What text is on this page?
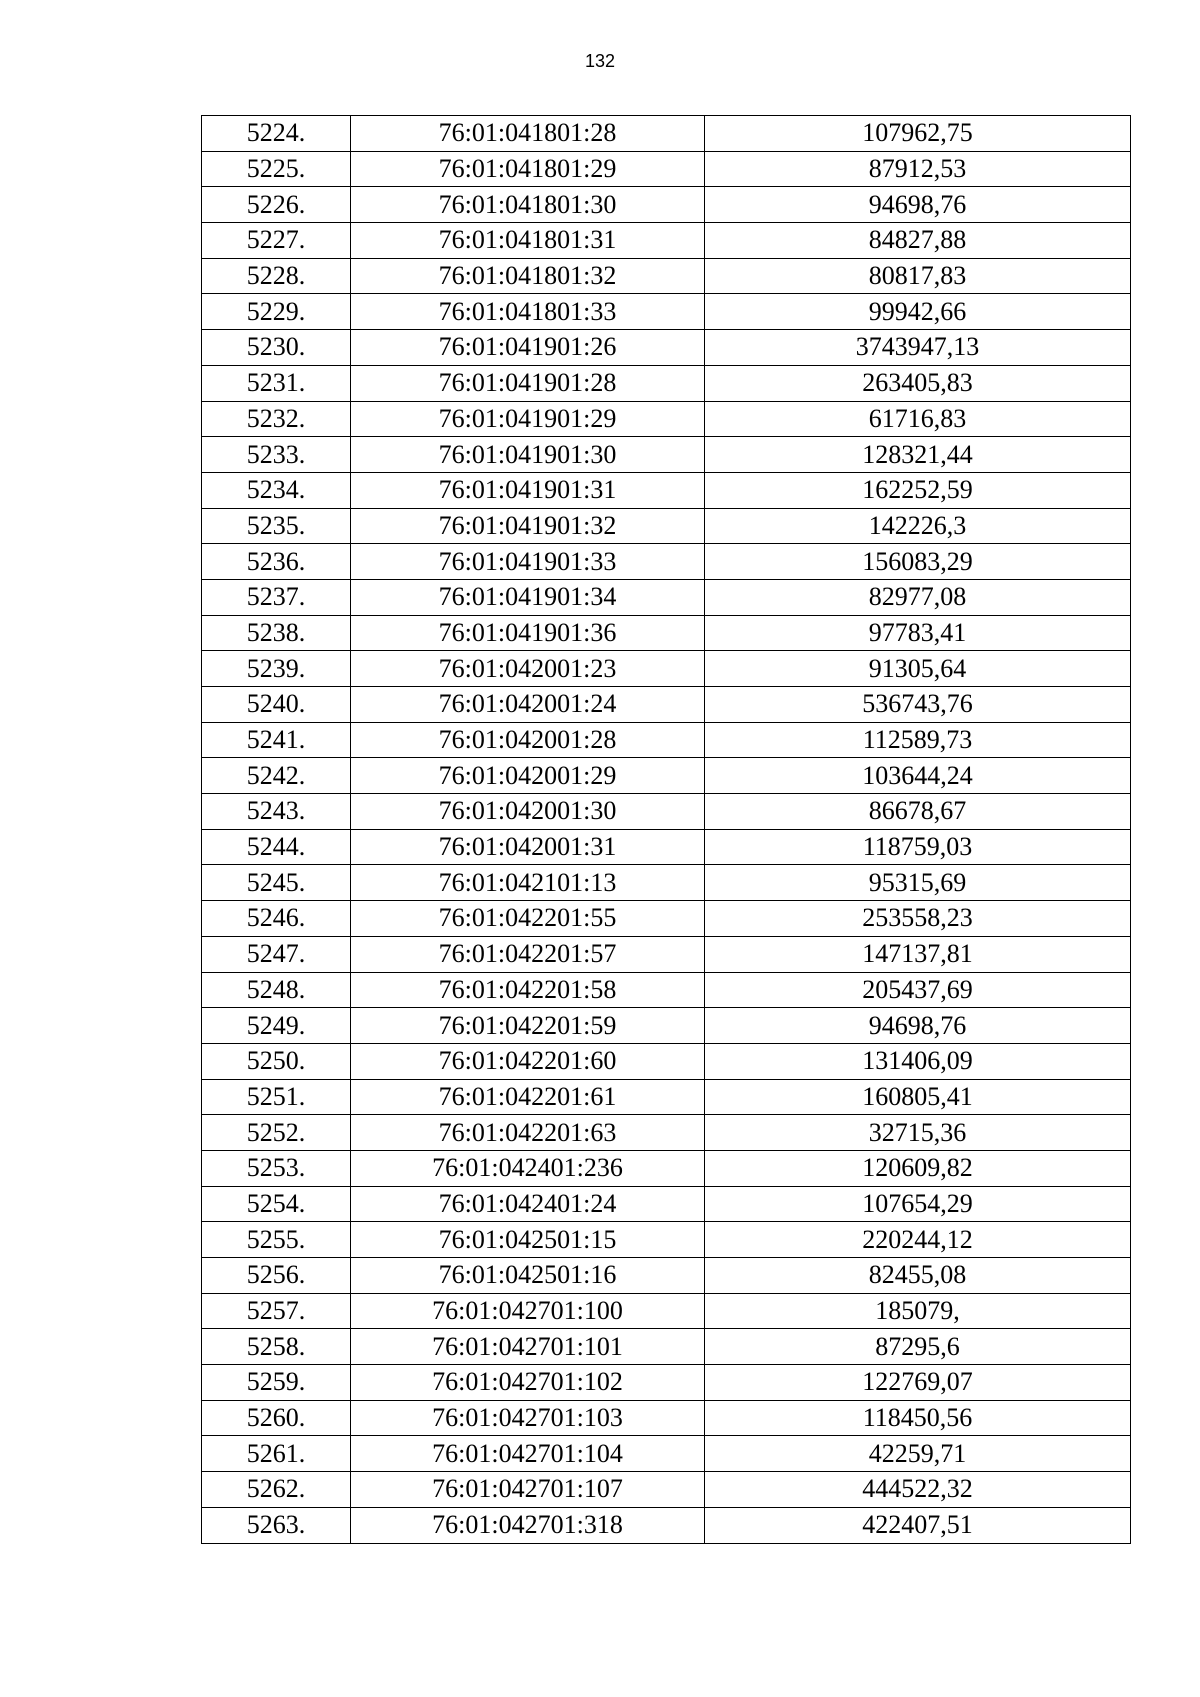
132
5224.	76:01:041801:28	107962,75
5225.	76:01:041801:29	87912,53
5226.	76:01:041801:30	94698,76
5227.	76:01:041801:31	84827,88
5228.	76:01:041801:32	80817,83
5229.	76:01:041801:33	99942,66
5230.	76:01:041901:26	3743947,13
5231.	76:01:041901:28	263405,83
5232.	76:01:041901:29	61716,83
5233.	76:01:041901:30	128321,44
5234.	76:01:041901:31	162252,59
5235.	76:01:041901:32	142226,3
5236.	76:01:041901:33	156083,29
5237.	76:01:041901:34	82977,08
5238.	76:01:041901:36	97783,41
5239.	76:01:042001:23	91305,64
5240.	76:01:042001:24	536743,76
5241.	76:01:042001:28	112589,73
5242.	76:01:042001:29	103644,24
5243.	76:01:042001:30	86678,67
5244.	76:01:042001:31	118759,03
5245.	76:01:042101:13	95315,69
5246.	76:01:042201:55	253558,23
5247.	76:01:042201:57	147137,81
5248.	76:01:042201:58	205437,69
5249.	76:01:042201:59	94698,76
5250.	76:01:042201:60	131406,09
5251.	76:01:042201:61	160805,41
5252.	76:01:042201:63	32715,36
5253.	76:01:042401:236	120609,82
5254.	76:01:042401:24	107654,29
5255.	76:01:042501:15	220244,12
5256.	76:01:042501:16	82455,08
5257.	76:01:042701:100	185079,
5258.	76:01:042701:101	87295,6
5259.	76:01:042701:102	122769,07
5260.	76:01:042701:103	118450,56
5261.	76:01:042701:104	42259,71
5262.	76:01:042701:107	444522,32
5263.	76:01:042701:318	422407,51
